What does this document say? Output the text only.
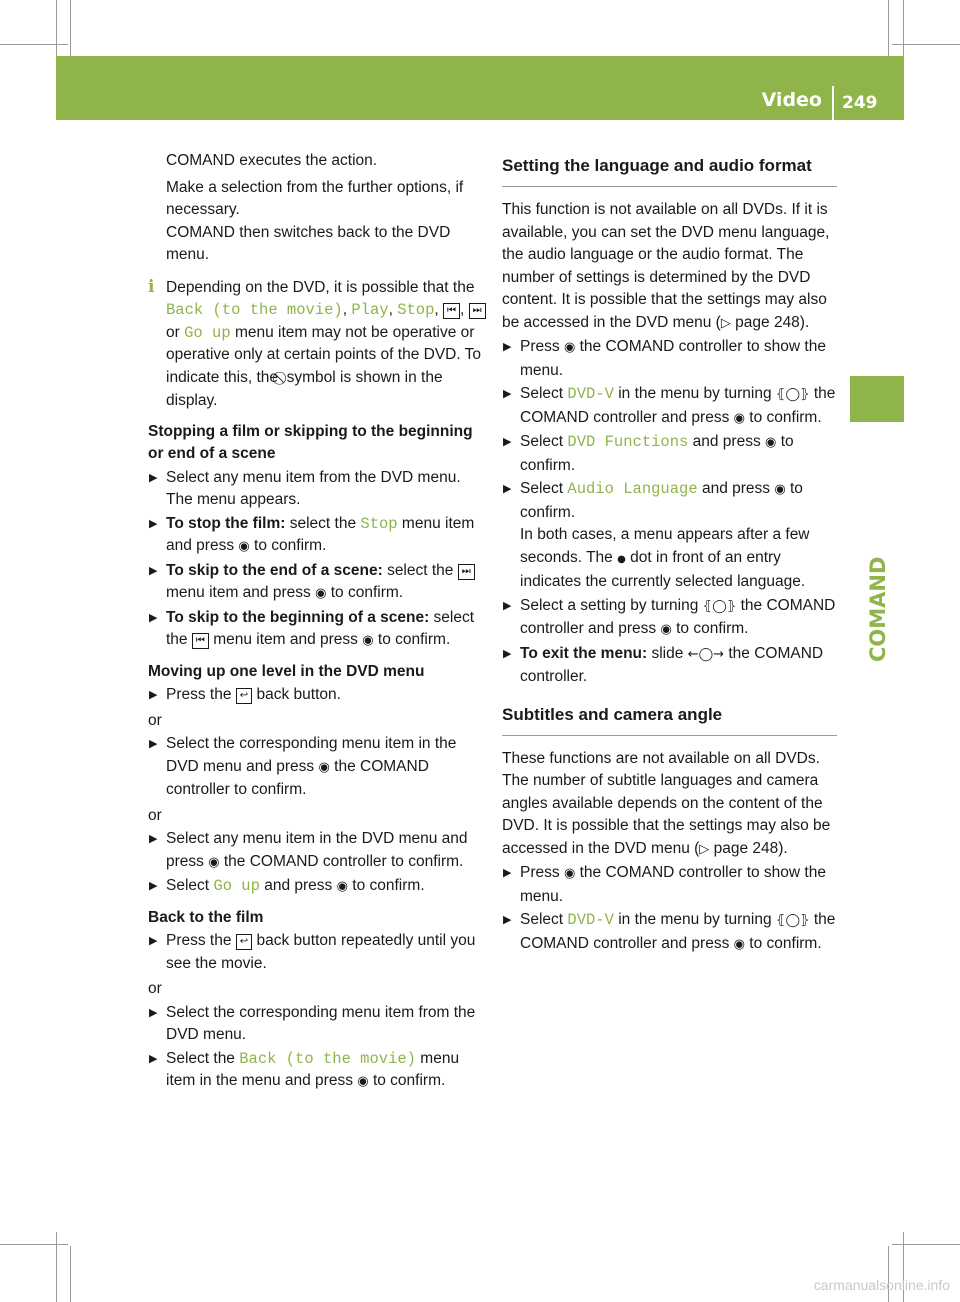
Video 249
COMAND

COMAND executes the action.

Make a selection from the further options, if necessary.

COMAND then switches back to the DVD menu.

i Depending on the DVD, it is possible that the Back (to the movie), Play, Stop, ⏮ , ⏭ or Go up menu item may not be operative or operative only at certain points of the DVD. To indicate this, the symbol is shown in the display.

Stopping a film or skipping to the beginning or end of a scene

▶ Select any menu item from the DVD menu. The menu appears.
▶ To stop the film: select the Stop menu item and press ◉ to confirm.
▶ To skip to the end of a scene: select the ⏭ menu item and press ◉ to confirm.
▶ To skip to the beginning of a scene: select the ⏮ menu item and press ◉ to confirm.

Moving up one level in the DVD menu

▶ Press the ↩ back button.

or

▶ Select the corresponding menu item in the DVD menu and press ◉ the COMAND controller to confirm.

or

▶ Select any menu item in the DVD menu and press ◉ the COMAND controller to confirm.
▶ Select Go up and press ◉ to confirm.

Back to the film

▶ Press the ↩ back button repeatedly until you see the movie.

or

▶ Select the corresponding menu item from the DVD menu.
▶ Select the Back (to the movie) menu item in the menu and press ◉ to confirm.
Setting the language and audio format

This function is not available on all DVDs. If it is available, you can set the DVD menu language, the audio language or the audio format. The number of settings is determined by the DVD content. It is possible that the settings may also be accessed in the DVD menu (▷ page 248).

▶ Press ◉ the COMAND controller to show the menu.
▶ Select DVD-V in the menu by turning ⦃◯⦄ the COMAND controller and press ◉ to confirm.
▶ Select DVD Functions and press ◉ to confirm.
▶ Select Audio Language and press ◉ to confirm.
In both cases, a menu appears after a few seconds. The ● dot in front of an entry indicates the currently selected language.
▶ Select a setting by turning ⦃◯⦄ the COMAND controller and press ◉ to confirm.
▶ To exit the menu: slide ←◯→ the COMAND controller.
Subtitles and camera angle

These functions are not available on all DVDs. The number of subtitle languages and camera angles available depends on the content of the DVD. It is possible that the settings may also be accessed in the DVD menu (▷ page 248).

▶ Press ◉ the COMAND controller to show the menu.
▶ Select DVD-V in the menu by turning ⦃◯⦄ the COMAND controller and press ◉ to confirm.
carmanualsonline.info
